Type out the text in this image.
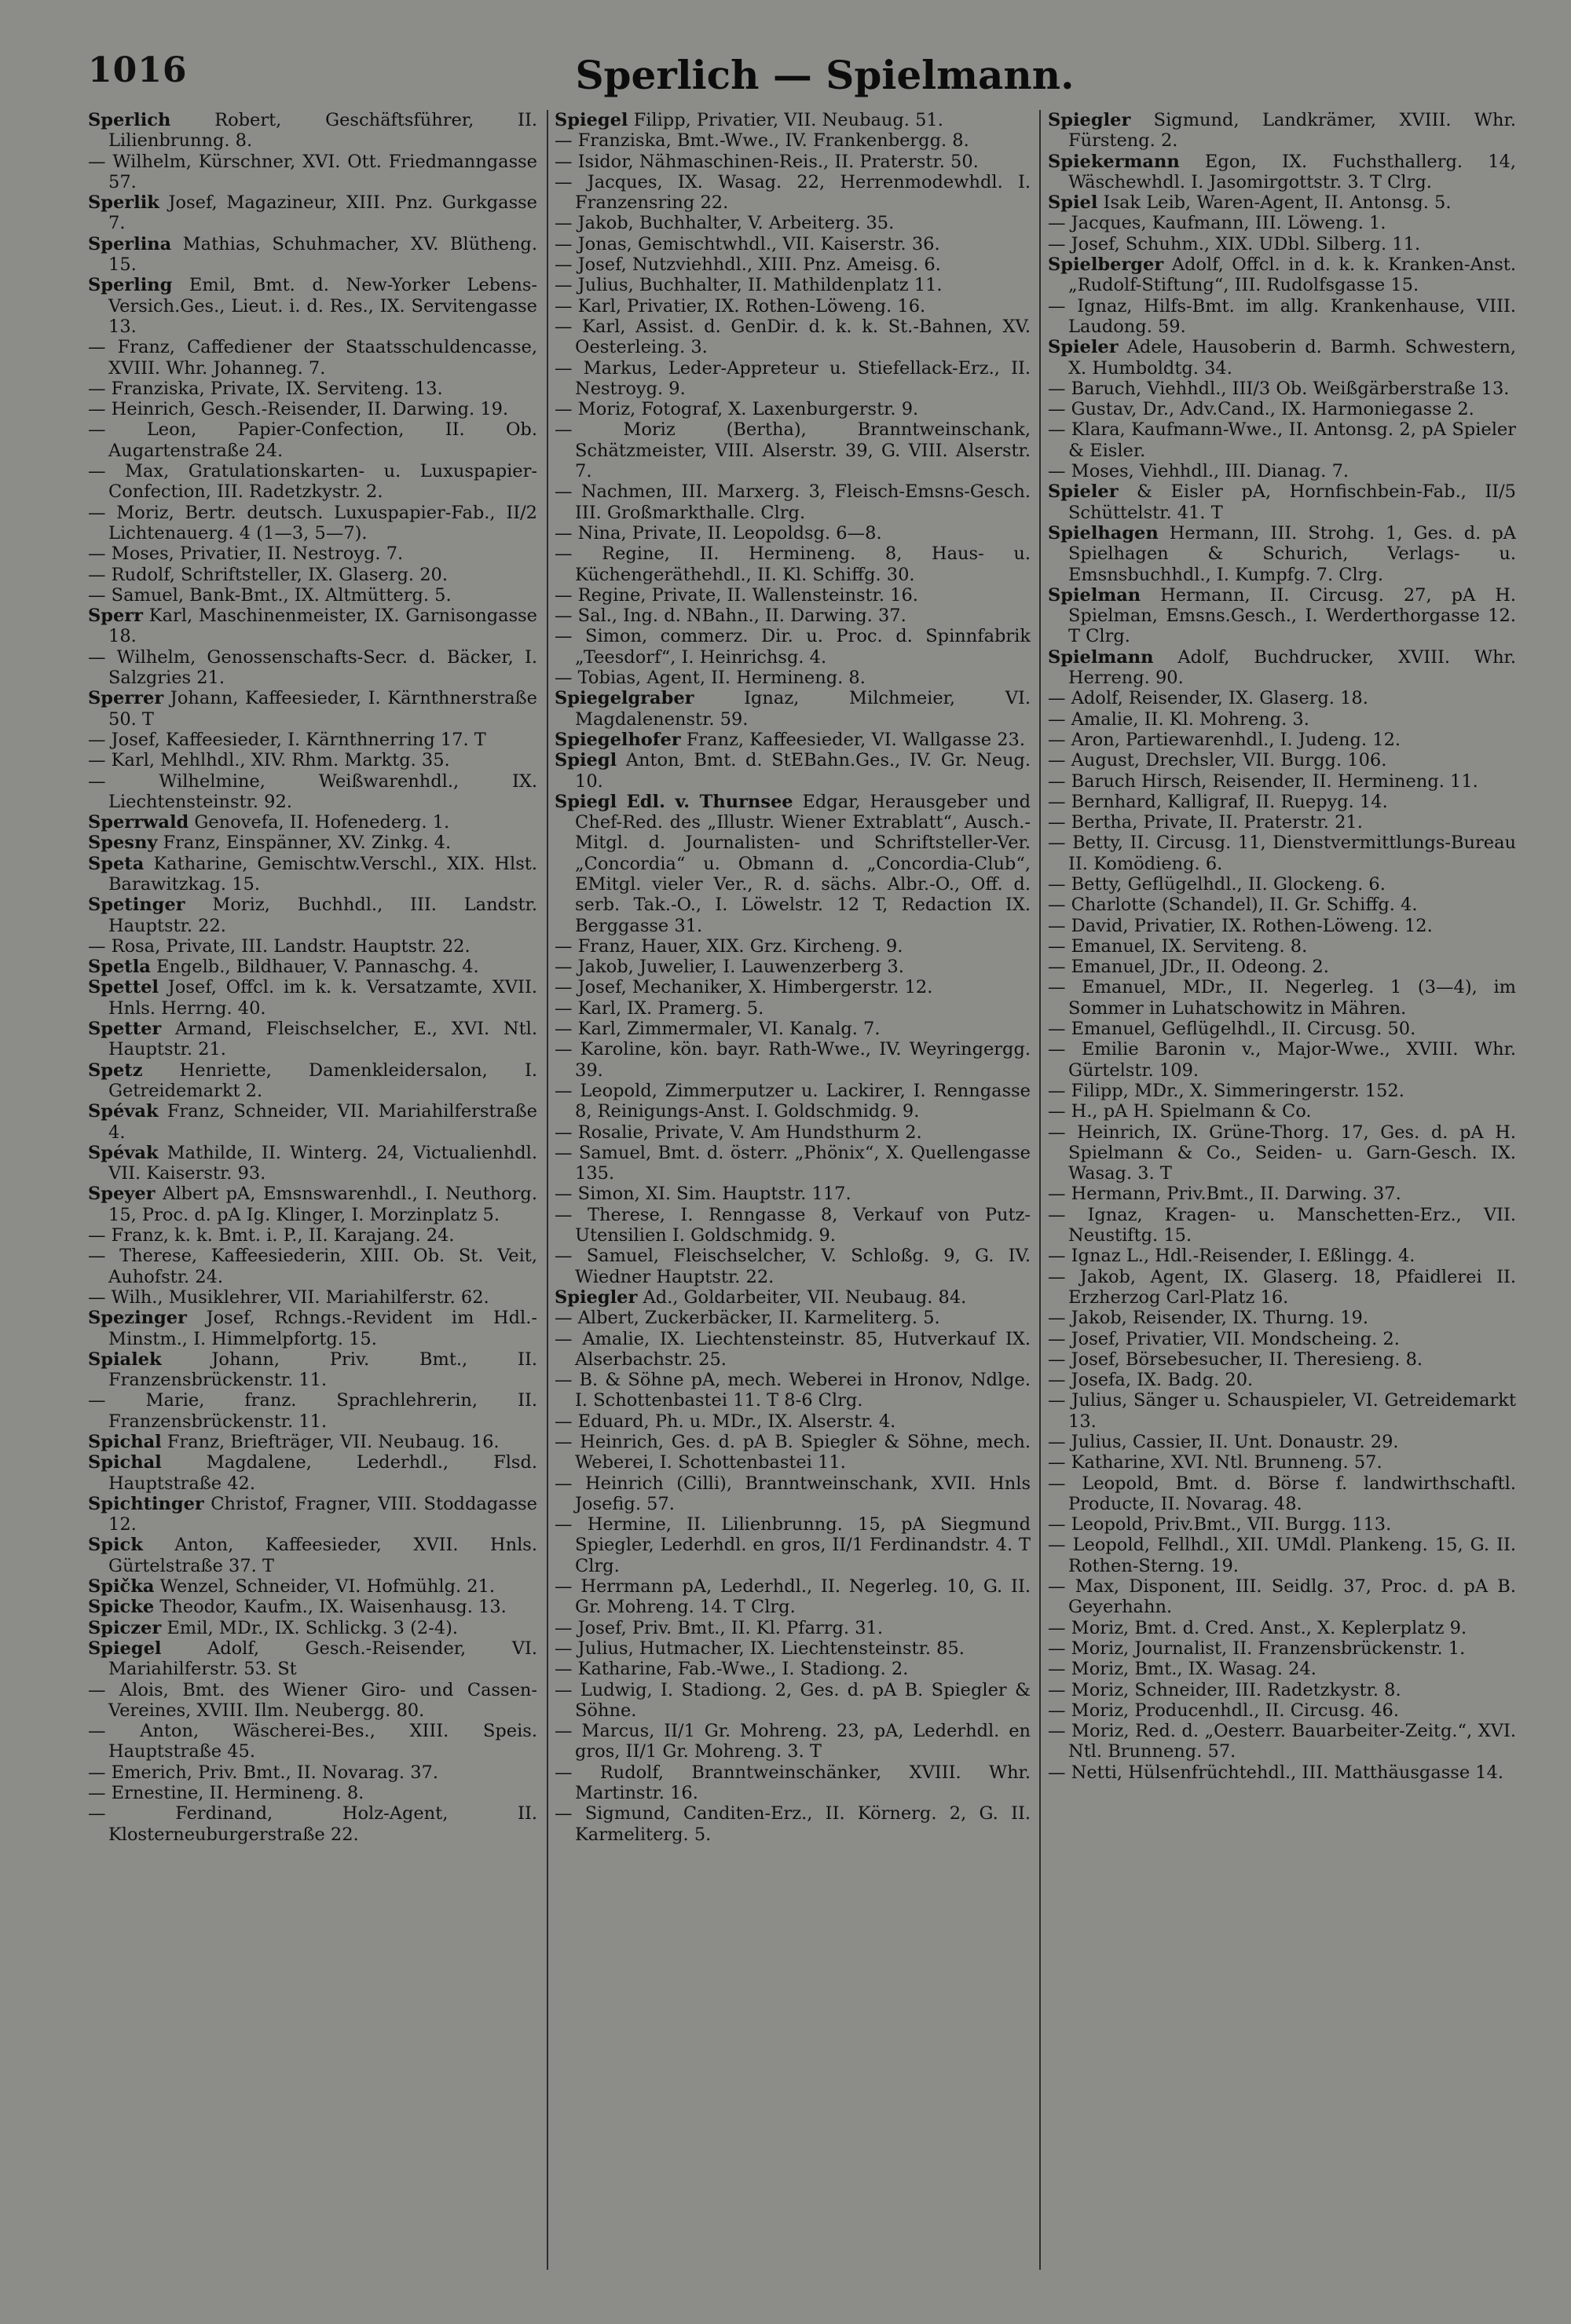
1016	Sperlich — Spielmann.

Sperlich Robert, Geschäftsführer, II. Lilienbrunng. 8.

— Wilhelm, Kürschner, XVI. Ott. Friedmanngasse 57.

Sperlik Josef, Magazineur, XIII. Pnz. Gurkgasse 7.

Sperlina Mathias, Schuhmacher, XV. Blütheng. 15.

Sperling Emil, Bmt. d. New-Yorker Lebens-Versich.Ges., Lieut. i. d. Res., IX. Servitengasse 13.

— Franz, Caffediener der Staatsschuldencasse, XVIII. Whr. Johanneg. 7.

— Franziska, Private, IX. Serviteng. 13.

— Heinrich, Gesch.-Reisender, II. Darwing. 19.

— Leon, Papier-Confection, II. Ob. Augartenstraße 24.

— Max, Gratulationskarten- u. Luxuspapier-Confection, III. Radetzkystr. 2.

— Moriz, Bertr. deutsch. Luxuspapier-Fab., II/2 Lichtenauerg. 4 (1—3, 5—7).

— Moses, Privatier, II. Nestroyg. 7.

— Rudolf, Schriftsteller, IX. Glaserg. 20.

— Samuel, Bank-Bmt., IX. Altmütterg. 5.

Sperr Karl, Maschinenmeister, IX. Garnisongasse 18.

— Wilhelm, Genossenschafts-Secr. d. Bäcker, I. Salzgries 21.

Sperrer Johann, Kaffeesieder, I. Kärnthnerstraße 50. T

— Josef, Kaffeesieder, I. Kärnthnerring 17. T

— Karl, Mehlhdl., XIV. Rhm. Marktg. 35.

— Wilhelmine, Weißwarenhdl., IX. Liechtensteinstr. 92.

Sperrwald Genovefa, II. Hofenederg. 1.

Spesny Franz, Einspänner, XV. Zinkg. 4.

Speta Katharine, Gemischtw.Verschl., XIX. Hlst. Barawitzkag. 15.

Spetinger Moriz, Buchhdl., III. Landstr. Hauptstr. 22.

— Rosa, Private, III. Landstr. Hauptstr. 22.

Spetla Engelb., Bildhauer, V. Pannaschg. 4.

Spettel Josef, Offcl. im k. k. Versatzamte, XVII. Hnls. Herrng. 40.

Spetter Armand, Fleischselcher, E., XVI. Ntl. Hauptstr. 21.

Spetz Henriette, Damenkleidersalon, I. Getreidemarkt 2.

Spévak Franz, Schneider, VII. Mariahilferstraße 4.

Spévak Mathilde, II. Winterg. 24, Victualienhdl. VII. Kaiserstr. 93.

Speyer Albert pA, Emsnswarenhdl., I. Neuthorg. 15, Proc. d. pA Ig. Klinger, I. Morzinplatz 5.

— Franz, k. k. Bmt. i. P., II. Karajang. 24.

— Therese, Kaffeesiederin, XIII. Ob. St. Veit, Auhofstr. 24.

— Wilh., Musiklehrer, VII. Mariahilferstr. 62.

Spezinger Josef, Rchngs.-Revident im Hdl.-Minstm., I. Himmelpfortg. 15.

Spialek Johann, Priv. Bmt., II. Franzensbrückenstr. 11.

— Marie, franz. Sprachlehrerin, II. Franzensbrückenstr. 11.

Spichal Franz, Briefträger, VII. Neubaug. 16.

Spichal Magdalene, Lederhdl., Flsd. Hauptstraße 42.

Spichtinger Christof, Fragner, VIII. Stoddagasse 12.

Spick Anton, Kaffeesieder, XVII. Hnls. Gürtelstraße 37. T

Spička Wenzel, Schneider, VI. Hofmühlg. 21.

Spicke Theodor, Kaufm., IX. Waisenhausg. 13.

Spiczer Emil, MDr., IX. Schlickg. 3 (2-4).

Spiegel Adolf, Gesch.-Reisender, VI. Mariahilferstr. 53. St

— Alois, Bmt. des Wiener Giro- und Cassen-Vereines, XVIII. Ilm. Neubergg. 80.

— Anton, Wäscherei-Bes., XIII. Speis. Hauptstraße 45.

— Emerich, Priv. Bmt., II. Novarag. 37.

— Ernestine, II. Hermineng. 8.

— Ferdinand, Holz-Agent, II. Klosterneuburgerstraße 22.

Spiegel Filipp, Privatier, VII. Neubaug. 51.

— Franziska, Bmt.-Wwe., IV. Frankenbergg. 8.

— Isidor, Nähmaschinen-Reis., II. Praterstr. 50.

— Jacques, IX. Wasag. 22, Herrenmodewhdl. I. Franzensring 22.

— Jakob, Buchhalter, V. Arbeiterg. 35.

— Jonas, Gemischtwhdl., VII. Kaiserstr. 36.

— Josef, Nutzviehhdl., XIII. Pnz. Ameisg. 6.

— Julius, Buchhalter, II. Mathildenplatz 11.

— Karl, Privatier, IX. Rothen-Löweng. 16.

— Karl, Assist. d. GenDir. d. k. k. St.-Bahnen, XV. Oesterleing. 3.

— Markus, Leder-Appreteur u. Stiefellack-Erz., II. Nestroyg. 9.

— Moriz, Fotograf, X. Laxenburgerstr. 9.

— Moriz (Bertha), Branntweinschank, Schätzmeister, VIII. Alserstr. 39, G. VIII. Alserstr. 7.

— Nachmen, III. Marxerg. 3, Fleisch-Emsns-Gesch. III. Großmarkthalle. Clrg.

— Nina, Private, II. Leopoldsg. 6—8.

— Regine, II. Hermineng. 8, Haus- u. Küchengeräthehdl., II. Kl. Schiffg. 30.

— Regine, Private, II. Wallensteinstr. 16.

— Sal., Ing. d. NBahn., II. Darwing. 37.

— Simon, commerz. Dir. u. Proc. d. Spinnfabrik „Teesdorf“, I. Heinrichsg. 4.

— Tobias, Agent, II. Hermineng. 8.

Spiegelgraber Ignaz, Milchmeier, VI. Magdalenenstr. 59.

Spiegelhofer Franz, Kaffeesieder, VI. Wallgasse 23.

Spiegl Anton, Bmt. d. StEBahn.Ges., IV. Gr. Neug. 10.

Spiegl Edl. v. Thurnsee Edgar, Herausgeber und Chef-Red. des „Illustr. Wiener Extrablatt“, Ausch.-Mitgl. d. Journalisten- und Schriftsteller-Ver. „Concordia“ u. Obmann d. „Concordia-Club“, EMitgl. vieler Ver., R. d. sächs. Albr.-O., Off. d. serb. Tak.-O., I. Löwelstr. 12 T, Redaction IX. Berggasse 31.

— Franz, Hauer, XIX. Grz. Kircheng. 9.

— Jakob, Juwelier, I. Lauwenzerberg 3.

— Josef, Mechaniker, X. Himbergerstr. 12.

— Karl, IX. Pramerg. 5.

— Karl, Zimmermaler, VI. Kanalg. 7.

— Karoline, kön. bayr. Rath-Wwe., IV. Weyringergg. 39.

— Leopold, Zimmerputzer u. Lackirer, I. Renngasse 8, Reinigungs-Anst. I. Goldschmidg. 9.

— Rosalie, Private, V. Am Hundsthurm 2.

— Samuel, Bmt. d. österr. „Phönix“, X. Quellengasse 135.

— Simon, XI. Sim. Hauptstr. 117.

— Therese, I. Renngasse 8, Verkauf von Putz-Utensilien I. Goldschmidg. 9.

— Samuel, Fleischselcher, V. Schloßg. 9, G. IV. Wiedner Hauptstr. 22.

Spiegler Ad., Goldarbeiter, VII. Neubaug. 84.

— Albert, Zuckerbäcker, II. Karmeliterg. 5.

— Amalie, IX. Liechtensteinstr. 85, Hutverkauf IX. Alserbachstr. 25.

— B. & Söhne pA, mech. Weberei in Hronov, Ndlge. I. Schottenbastei 11. T 8-6 Clrg.

— Eduard, Ph. u. MDr., IX. Alserstr. 4.

— Heinrich, Ges. d. pA B. Spiegler & Söhne, mech. Weberei, I. Schottenbastei 11.

— Heinrich (Cilli), Branntweinschank, XVII. Hnls Josefig. 57.

— Hermine, II. Lilienbrunng. 15, pA Siegmund Spiegler, Lederhdl. en gros, II/1 Ferdinandstr. 4. T Clrg.

— Herrmann pA, Lederhdl., II. Negerleg. 10, G. II. Gr. Mohreng. 14. T Clrg.

— Josef, Priv. Bmt., II. Kl. Pfarrg. 31.

— Julius, Hutmacher, IX. Liechtensteinstr. 85.

— Katharine, Fab.-Wwe., I. Stadiong. 2.

— Ludwig, I. Stadiong. 2, Ges. d. pA B. Spiegler & Söhne.

— Marcus, II/1 Gr. Mohreng. 23, pA, Lederhdl. en gros, II/1 Gr. Mohreng. 3. T

— Rudolf, Branntweinschänker, XVIII. Whr. Martinstr. 16.

— Sigmund, Canditen-Erz., II. Körnerg. 2, G. II. Karmeliterg. 5.

Spiegler Sigmund, Landkrämer, XVIII. Whr. Fürsteng. 2.

Spiekermann Egon, IX. Fuchsthallerg. 14, Wäschewhdl. I. Jasomirgottstr. 3. T Clrg.

Spiel Isak Leib, Waren-Agent, II. Antonsg. 5.

— Jacques, Kaufmann, III. Löweng. 1.

— Josef, Schuhm., XIX. UDbl. Silberg. 11.

Spielberger Adolf, Offcl. in d. k. k. Kranken-Anst. „Rudolf-Stiftung“, III. Rudolfsgasse 15.

— Ignaz, Hilfs-Bmt. im allg. Krankenhause, VIII. Laudong. 59.

Spieler Adele, Hausoberin d. Barmh. Schwestern, X. Humboldtg. 34.

— Baruch, Viehhdl., III/3 Ob. Weißgärberstraße 13.

— Gustav, Dr., Adv.Cand., IX. Harmoniegasse 2.

— Klara, Kaufmann-Wwe., II. Antonsg. 2, pA Spieler & Eisler.

— Moses, Viehhdl., III. Dianag. 7.

Spieler & Eisler pA, Hornfischbein-Fab., II/5 Schüttelstr. 41. T

Spielhagen Hermann, III. Strohg. 1, Ges. d. pA Spielhagen & Schurich, Verlags- u. Emsnsbuchhdl., I. Kumpfg. 7. Clrg.

Spielman Hermann, II. Circusg. 27, pA H. Spielman, Emsns.Gesch., I. Werderthorgasse 12. T Clrg.

Spielmann Adolf, Buchdrucker, XVIII. Whr. Herreng. 90.

— Adolf, Reisender, IX. Glaserg. 18.

— Amalie, II. Kl. Mohreng. 3.

— Aron, Partiewarenhdl., I. Judeng. 12.

— August, Drechsler, VII. Burgg. 106.

— Baruch Hirsch, Reisender, II. Hermineng. 11.

— Bernhard, Kalligraf, II. Ruepyg. 14.

— Bertha, Private, II. Praterstr. 21.

— Betty, II. Circusg. 11, Dienstvermittlungs-Bureau II. Komödieng. 6.

— Betty, Geflügelhdl., II. Glockeng. 6.

— Charlotte (Schandel), II. Gr. Schiffg. 4.

— David, Privatier, IX. Rothen-Löweng. 12.

— Emanuel, IX. Serviteng. 8.

— Emanuel, JDr., II. Odeong. 2.

— Emanuel, MDr., II. Negerleg. 1 (3—4), im Sommer in Luhatschowitz in Mähren.

— Emanuel, Geflügelhdl., II. Circusg. 50.

— Emilie Baronin v., Major-Wwe., XVIII. Whr. Gürtelstr. 109.

— Filipp, MDr., X. Simmeringerstr. 152.

— H., pA H. Spielmann & Co.

— Heinrich, IX. Grüne-Thorg. 17, Ges. d. pA H. Spielmann & Co., Seiden- u. Garn-Gesch. IX. Wasag. 3. T

— Hermann, Priv.Bmt., II. Darwing. 37.

— Ignaz, Kragen- u. Manschetten-Erz., VII. Neustiftg. 15.

— Ignaz L., Hdl.-Reisender, I. Eßlingg. 4.

— Jakob, Agent, IX. Glaserg. 18, Pfaidlerei II. Erzherzog Carl-Platz 16.

— Jakob, Reisender, IX. Thurng. 19.

— Josef, Privatier, VII. Mondscheing. 2.

— Josef, Börsebesucher, II. Theresieng. 8.

— Josefa, IX. Badg. 20.

— Julius, Sänger u. Schauspieler, VI. Getreidemarkt 13.

— Julius, Cassier, II. Unt. Donaustr. 29.

— Katharine, XVI. Ntl. Brunneng. 57.

— Leopold, Bmt. d. Börse f. landwirthschaftl. Producte, II. Novarag. 48.

— Leopold, Priv.Bmt., VII. Burgg. 113.

— Leopold, Fellhdl., XII. UMdl. Plankeng. 15, G. II. Rothen-Sterng. 19.

— Max, Disponent, III. Seidlg. 37, Proc. d. pA B. Geyerhahn.

— Moriz, Bmt. d. Cred. Anst., X. Keplerplatz 9.

— Moriz, Journalist, II. Franzensbrückenstr. 1.

— Moriz, Bmt., IX. Wasag. 24.

— Moriz, Schneider, III. Radetzkystr. 8.

— Moriz, Producenhdl., II. Circusg. 46.

— Moriz, Red. d. „Oesterr. Bauarbeiter-Zeitg.“, XVI. Ntl. Brunneng. 57.

— Netti, Hülsenfrüchtehdl., III. Matthäusgasse 14.
